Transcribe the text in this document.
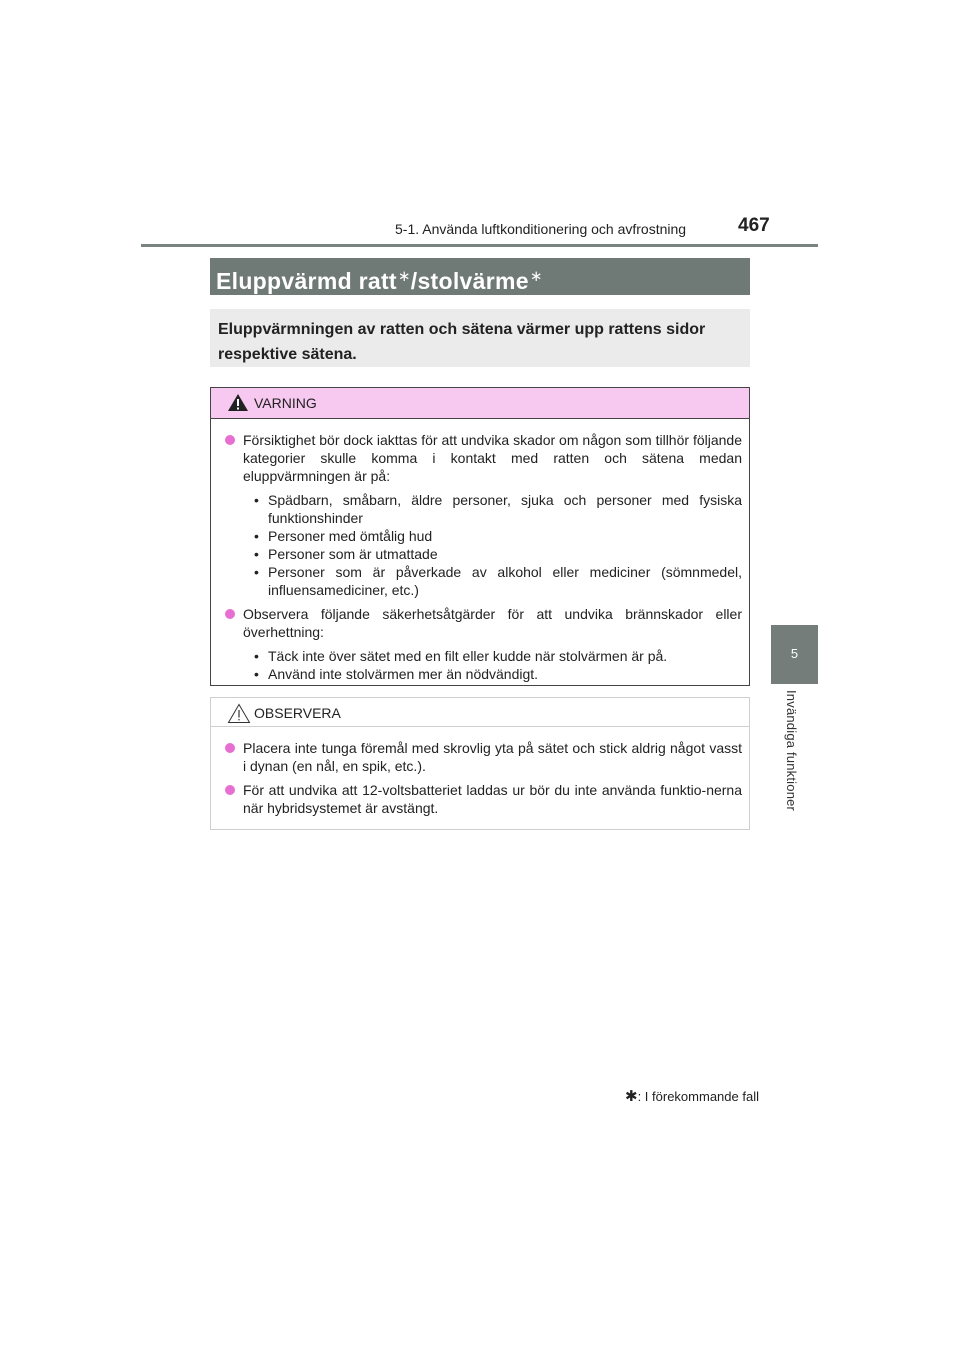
5-1. Använda luftkonditionering och avfrostning	467
5
Invändiga funktioner
Eluppvärmd ratt∗/stolvärme∗
Eluppvärmningen av ratten och sätena värmer upp rattens sidor respektive sätena.
VARNING
Försiktighet bör dock iakttas för att undvika skador om någon som tillhör följande kategorier skulle komma i kontakt med ratten och sätena medan eluppvärmningen är på:
• Spädbarn, småbarn, äldre personer, sjuka och personer med fysiska funktionshinder
• Personer med ömtålig hud
• Personer som är utmattade
• Personer som är påverkade av alkohol eller mediciner (sömnmedel, influensamediciner, etc.)
Observera följande säkerhetsåtgärder för att undvika brännskador eller överhettning:
• Täck inte över sätet med en filt eller kudde när stolvärmen är på.
• Använd inte stolvärmen mer än nödvändigt.
OBSERVERA
Placera inte tunga föremål med skrovlig yta på sätet och stick aldrig något vasst i dynan (en nål, en spik, etc.).
För att undvika att 12-voltsbatteriet laddas ur bör du inte använda funktio-nerna när hybridsystemet är avstängt.
✱: I förekommande fall
